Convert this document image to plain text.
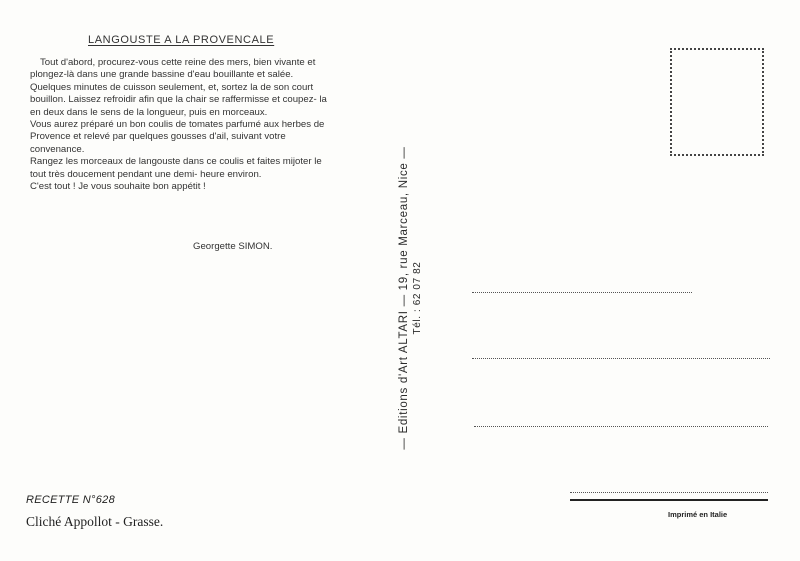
LANGOUSTE A LA PROVENCALE

Tout d'abord, procurez-vous cette reine des mers, bien vivante et plongez-là dans une grande bassine d'eau bouillante et salée.

Quelques minutes de cuisson seulement, et, sortez la de son court bouillon. Laissez refroidir afin que la chair se raffermisse et coupez- la en deux dans le sens de la longueur, puis en morceaux.

Vous aurez préparé un bon coulis de tomates parfumé aux herbes de Provence et relevé par quelques gousses d'ail, suivant votre convenance.

Rangez les morceaux de langouste dans ce coulis et faites mijoter le tout très doucement pendant une demi- heure environ.

C'est tout ! Je vous souhaite bon appétit !

Georgette SIMON.
RECETTE N°628
Cliché Appollot - Grasse.
— Editions d'Art ALTARI — 19, rue Marceau, Nice — Tél. : 62 07 82
Imprimé en Italie
